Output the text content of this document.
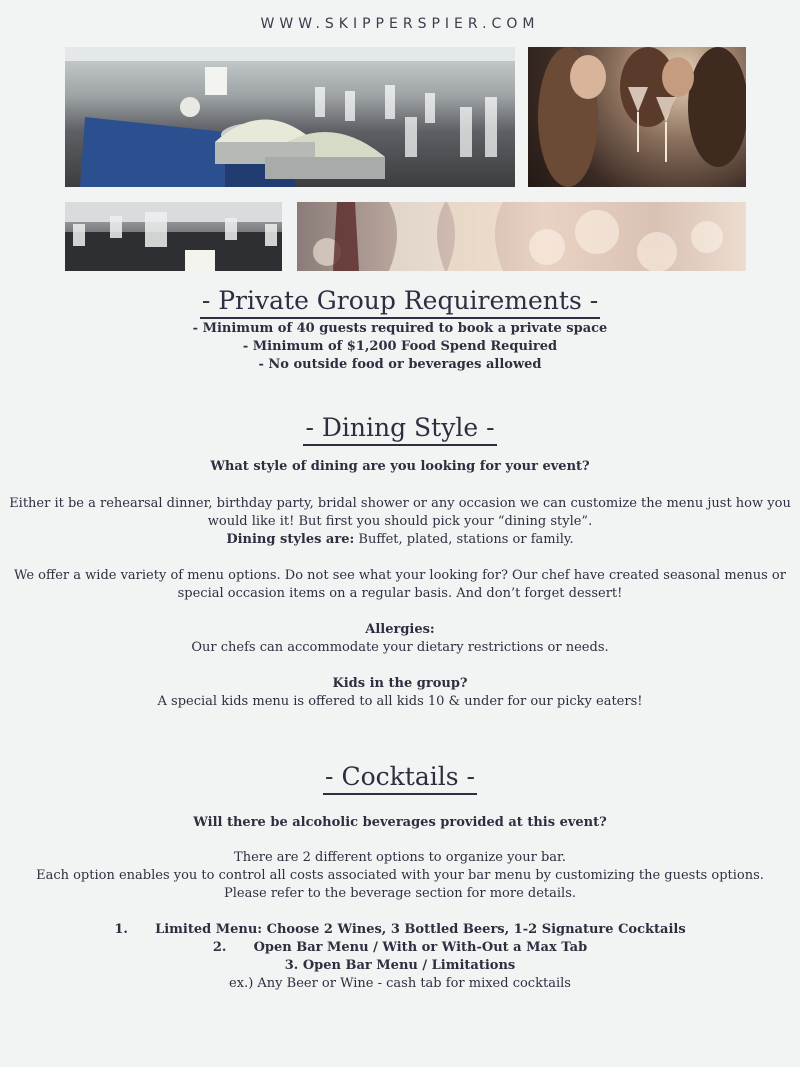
WWW.SKIPPERSPIER.COM
- Private Group Requirements -
- Minimum of 40 guests required to book a private space
- Minimum of $1,200 Food Spend Required
- No outside food or beverages allowed
- Dining Style -
What style of dining are you looking for your event?
Either it be a rehearsal dinner, birthday party, bridal shower or any occasion we can customize the menu just how you
would like it! But first you should pick your “dining style”.
Dining styles are: Buffet, plated, stations or family.
We offer a wide variety of menu options. Do not see what your looking for? Our chef have created seasonal menus or
special occasion items on a regular basis. And don’t forget dessert!
Allergies:
Our chefs can accommodate your dietary restrictions or needs.
Kids in the group?
A special kids menu is offered to all kids 10 & under for our picky eaters!
- Cocktails -
Will there be alcoholic beverages provided at this event?
There are 2 different options to organize your bar.
Each option enables you to control all costs associated with your bar menu by customizing the guests options.
Please refer to the beverage section for more details.
1. Limited Menu: Choose 2 Wines, 3 Bottled Beers, 1-2 Signature Cocktails
2. Open Bar Menu / With or With-Out a Max Tab
3. Open Bar Menu / Limitations
ex.) Any Beer or Wine - cash tab for mixed cocktails
